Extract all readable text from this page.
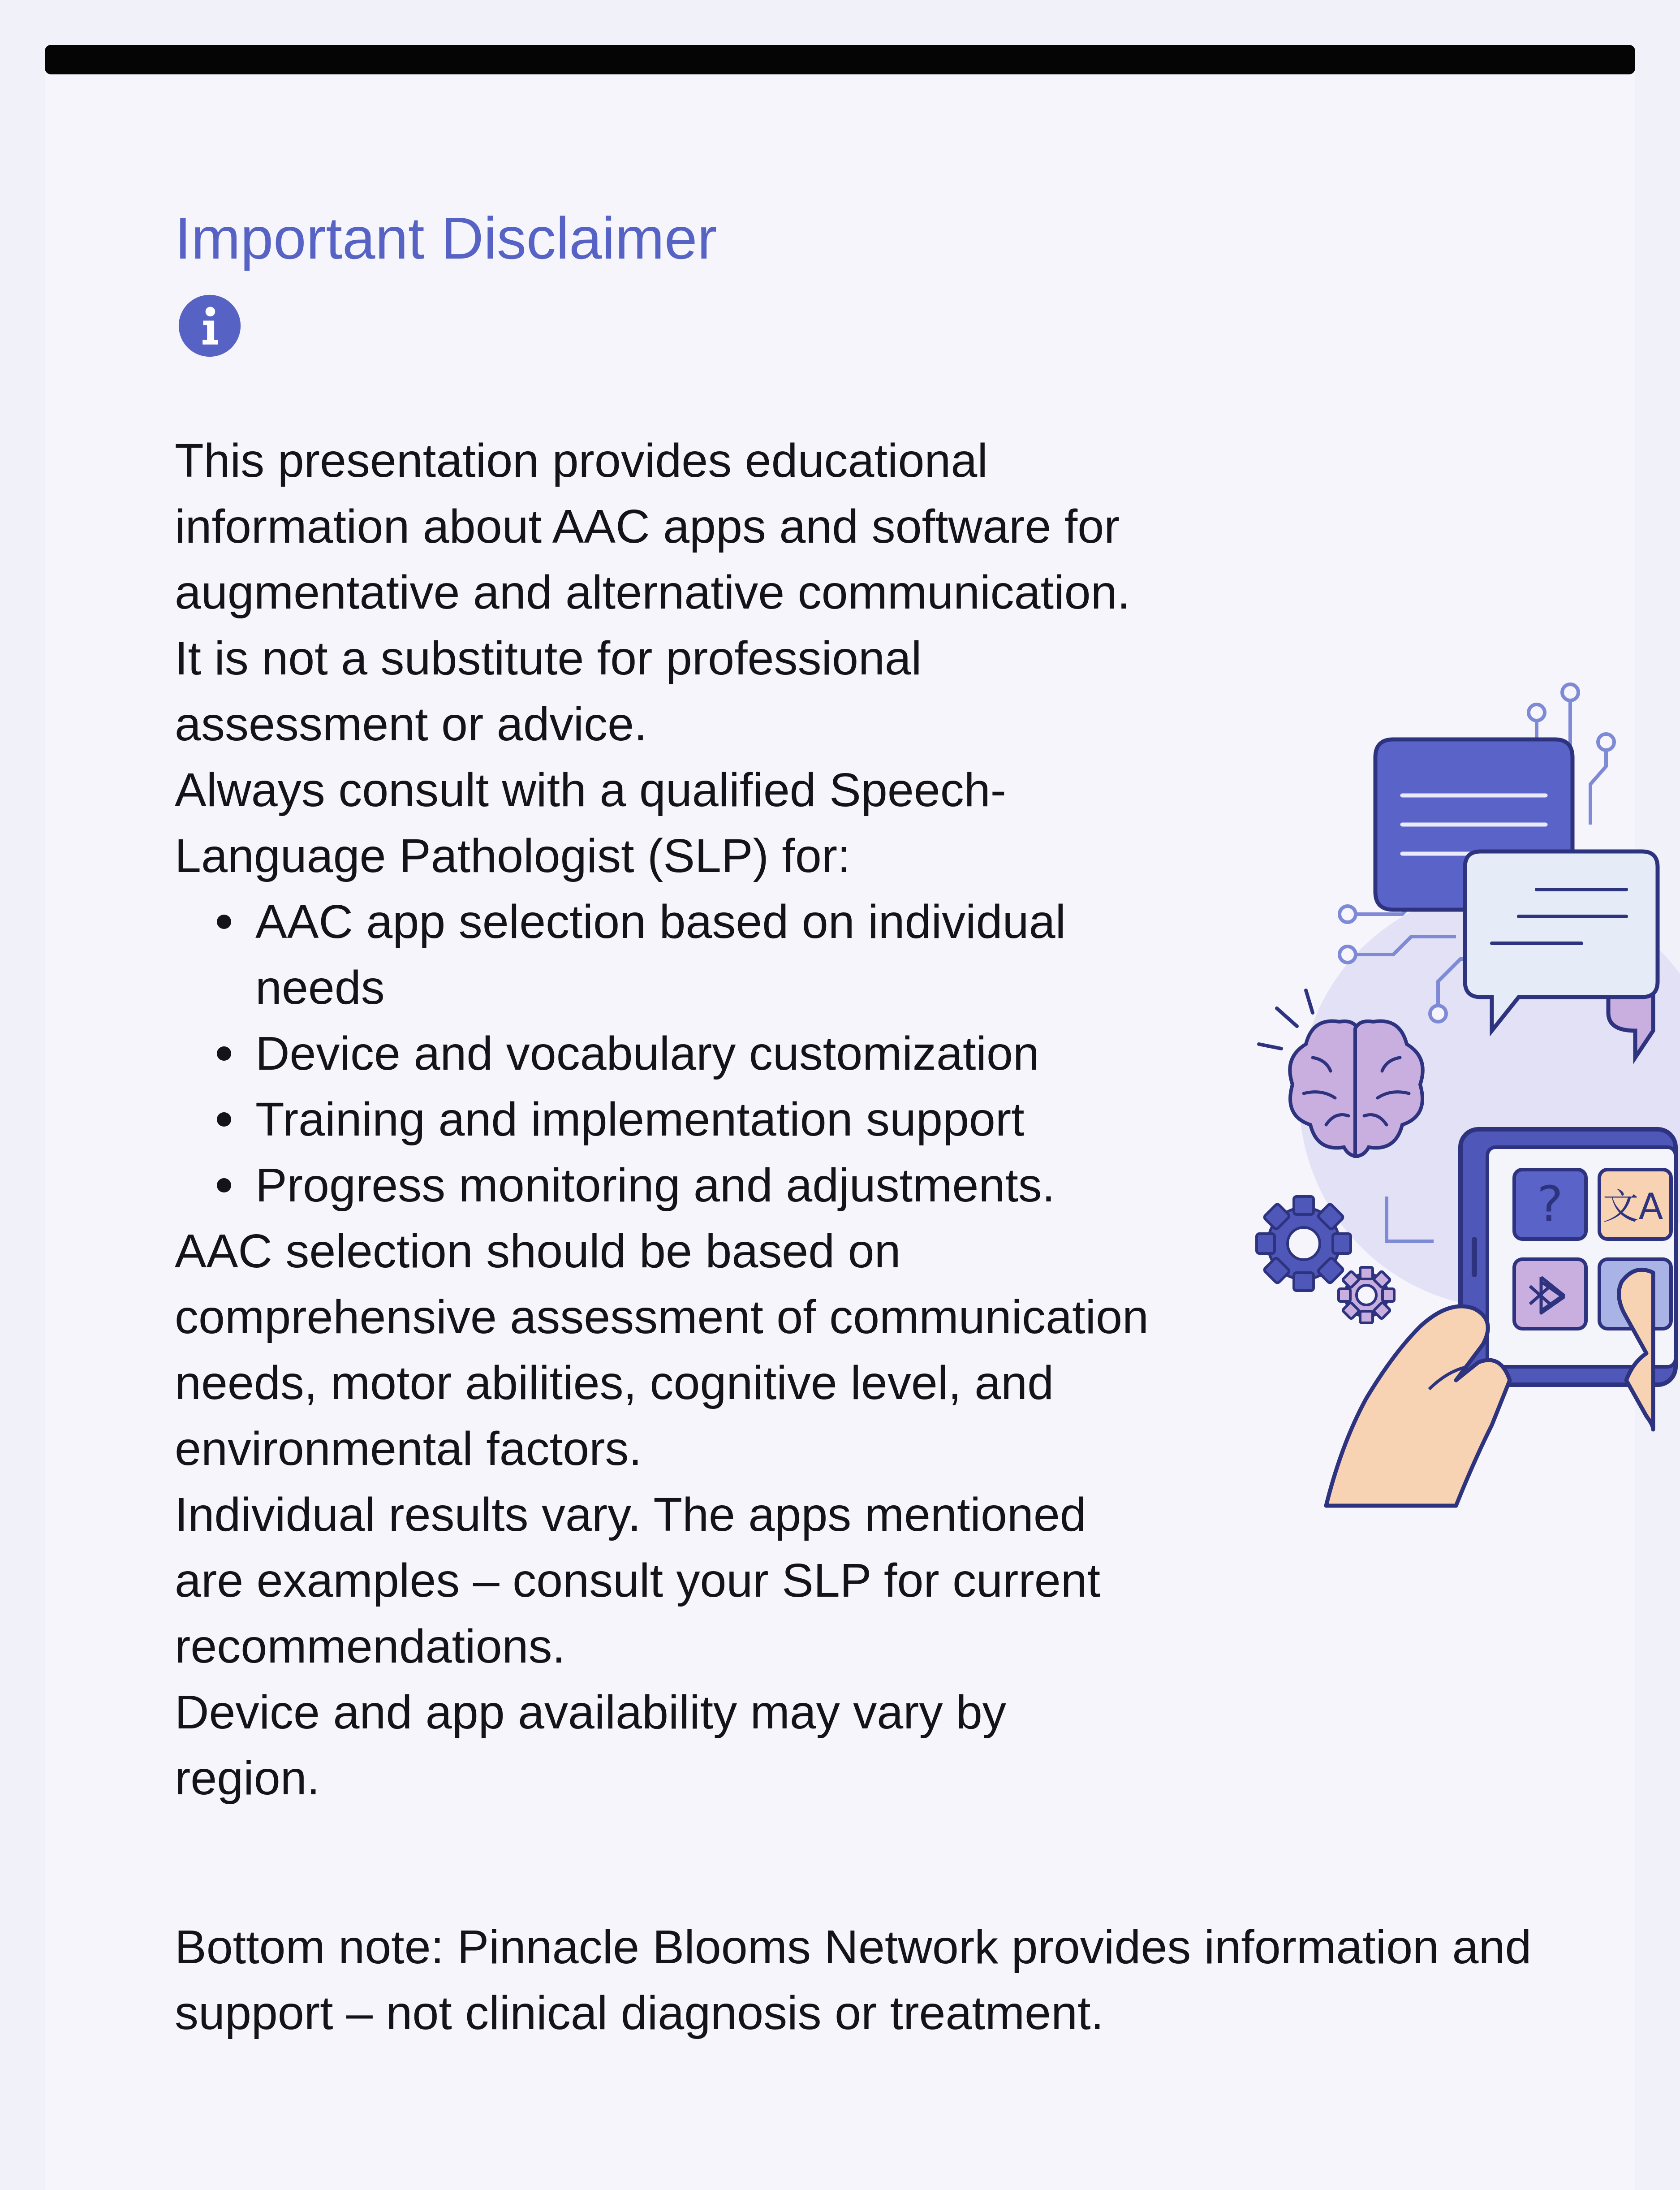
Important Disclaimer

This presentation provides educational information about AAC apps and software for augmentative and alternative communication. It is not a substitute for professional assessment or advice.

Always consult with a qualified Speech-Language Pathologist (SLP) for:

AAC app selection based on individual needs
Device and vocabulary customization
Training and implementation support
Progress monitoring and adjustments.

AAC selection should be based on comprehensive assessment of communication needs, motor abilities, cognitive level, and environmental factors.

Individual results vary. The apps mentioned are examples – consult your SLP for current recommendations.

Device and app availability may vary by region.

Bottom note: Pinnacle Blooms Network provides information and support – not clinical diagnosis or treatment.

? 文A
